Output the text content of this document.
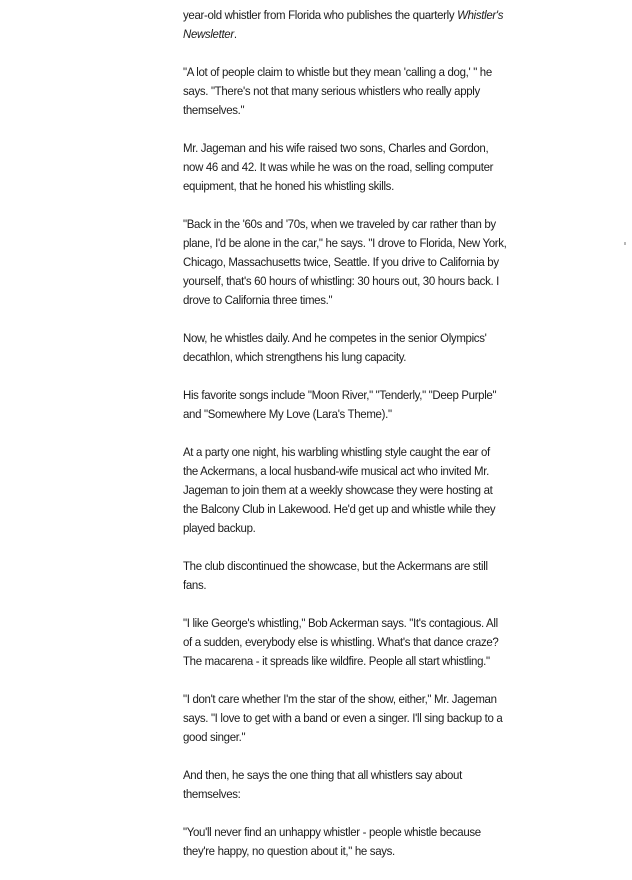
year-old whistler from Florida who publishes the quarterly Whistler's Newsletter.

"A lot of people claim to whistle but they mean 'calling a dog,' " he says. "There's not that many serious whistlers who really apply themselves."

Mr. Jageman and his wife raised two sons, Charles and Gordon, now 46 and 42. It was while he was on the road, selling computer equipment, that he honed his whistling skills.

"Back in the '60s and '70s, when we traveled by car rather than by plane, I'd be alone in the car," he says. "I drove to Florida, New York, Chicago, Massachusetts twice, Seattle. If you drive to California by yourself, that's 60 hours of whistling: 30 hours out, 30 hours back. I drove to California three times."

Now, he whistles daily. And he competes in the senior Olympics' decathlon, which strengthens his lung capacity.

His favorite songs include "Moon River," "Tenderly," "Deep Purple" and "Somewhere My Love (Lara's Theme)."

At a party one night, his warbling whistling style caught the ear of the Ackermans, a local husband-wife musical act who invited Mr. Jageman to join them at a weekly showcase they were hosting at the Balcony Club in Lakewood. He'd get up and whistle while they played backup.

The club discontinued the showcase, but the Ackermans are still fans.

"I like George's whistling," Bob Ackerman says. "It's contagious. All of a sudden, everybody else is whistling. What's that dance craze? The macarena - it spreads like wildfire. People all start whistling."

"I don't care whether I'm the star of the show, either," Mr. Jageman says. "I love to get with a band or even a singer. I'll sing backup to a good singer."

And then, he says the one thing that all whistlers say about themselves:

"You'll never find an unhappy whistler - people whistle because they're happy, no question about it," he says.
